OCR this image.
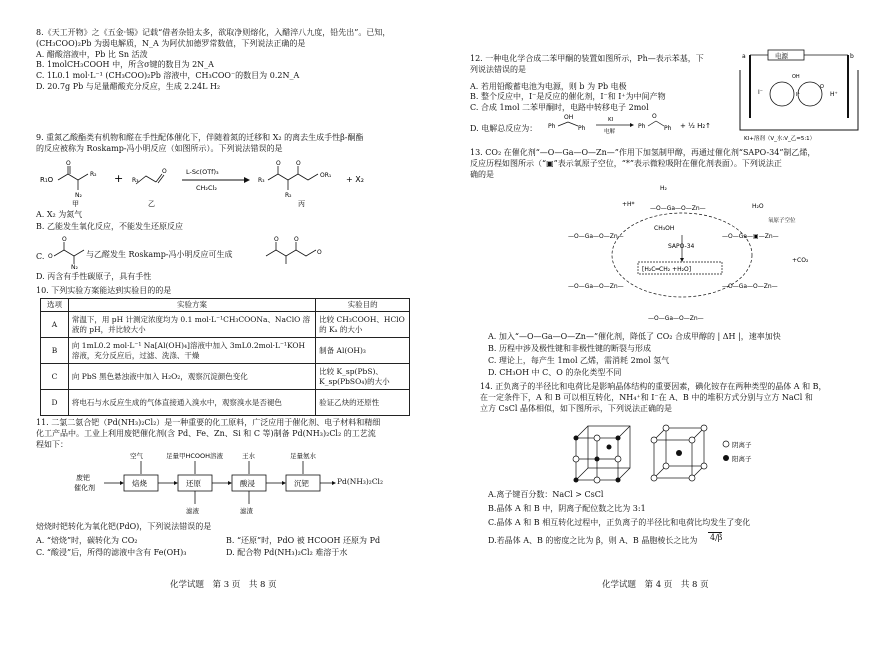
8.《天工开物》之《五金·锡》记载“借者杂铅太多，欲取净则熔化，入醋淬八九度，铅先出”。已知，(CH₃COO)₂Pb 为弱电解质，N_A 为阿伏加德罗常数值，下列说法正确的是
A. 醋酸溶液中，Pb 比 Sn 活泼
B. 1molCH₃COOH 中，所含σ键的数目为 2N_A
C. 1L0.1 mol·L⁻¹ (CH₃COO)₂Pb 溶液中，CH₃COO⁻的数目为 0.2N_A
D. 20.7g Pb 与足量醋酸充分反应，生成 2.24L H₂
9. 重氮乙酸酯类有机物和醛在手性配体催化下，伴随着氮的迁移和 X₂ 的离去生成手性β-酮酯
的反应被称为 Roskamp-冯小明反应（如图所示）。下列说法错误的是
R₁O
O
N₂
R₂
甲
+
O
R₃
乙
L-Sc(OTf)₃
CH₂Cl₂
R₃
O	O
R₂
OR₁
丙
+ X₂
A. X₂ 为氮气
B. 乙能发生氧化反应，不能发生还原反应
C. O
O
N₂
O	O
O
与乙醛发生 Roskamp-冯小明反应可生成
D. 丙含有手性碳原子，具有手性
10. 下列实验方案能达到实验目的的是
选项	实验方案	实验目的
A	常温下，用 pH 计测定浓度均为 0.1 mol·L⁻¹CH₃COONa、NaClO 溶液的 pH，并比较大小	比较 CH₃COOH、HClO 的 Kₐ 的大小
B	向 1mL0.2 mol·L⁻¹ Na[Al(OH)₄]溶液中加入 3mL0.2mol·L⁻¹KOH 溶液，充分反应后，过滤、洗涤、干燥	制备 Al(OH)₃
C	向 PbS 黑色悬浊液中加入 H₂O₂，观察沉淀颜色变化	比较 K_sp(PbS)、K_sp(PbSO₄)的大小
D	将电石与水反应生成的气体直接通入溴水中，观察溴水是否褪色	验证乙炔的还原性
11. 二氯二氨合钯（Pd(NH₃)₂Cl₂）是一种重要的化工原料，广泛应用于催化剂、电子材料和精细
化工产品中。工业上利用废钯催化剂(含 Pd、Fe、Zn、Si 和 C 等)制备 Pd(NH₃)₂Cl₂ 的工艺流
程如下：
废钯
催化剂	焙烧	还原	酸浸	沉钯
空气	足量甲HCOOH溶液	王水	足量氨水
滤液	滤渣
Pd(NH₃)₂Cl₂
焙烧时钯转化为氧化钯(PdO)，下列说法错误的是
A. “焙烧”时，碳转化为 CO₂	B. “还原”时，PdO 被 HCOOH 还原为 Pd
C. “酸浸”后，所得的滤液中含有 Fe(OH)₃	D. 配合物 Pd(NH₃)₂Cl₂ 难溶于水
化学试题　第 3 页　共 8 页
12. 一种电化学合成二苯甲酮的装置如图所示，Ph—表示苯基，下
列说法错误的是
A. 若用铅酸蓄电池为电源，则 b 为 Pb 电极
B. 整个反应中，I⁻是反应的催化剂，I⁻和 I⁺为中间产物
C. 合成 1mol 二苯甲酮时，电路中转移电子 2mol
D. 电解总反应为： Ph
OH
Ph
KI
电解
Ph
O
Ph + ½ H₂↑
电源
a	b
I⁻
OH
I⁺
O
H⁺
KI+溶剂（V_水:V_乙=5:1）
13. CO₂ 在催化剂“—O—Ga—O—Zn—”作用下加氢制甲醇，再通过催化剂“SAPO-34”制乙烯，
反应历程如图所示（“▣”表示氧原子空位，“*”表示微粒吸附在催化剂表面）。下列说法正
确的是
H₂
—O—Ga—O—Zn—
—O—Ga—O—Zn—	—O—Ga—▣—Zn—
H₂O
氧原子空位
CH₃OH
SAPO-34
[H₂C═CH₂ +H₂O]
—O—Ga—O—Zn—	—O—Ga—O—Zn—
+CO₂
—O—Ga—O—Zn—
+H*
A. 加入“—O—Ga—O—Zn—”催化剂，降低了 CO₂ 合成甲醇的 | ΔH |，速率加快
B. 历程中涉及极性键和非极性键的断裂与形成
C. 理论上，每产生 1mol 乙烯，需消耗 2mol 氢气
D. CH₃OH 中 C、O 的杂化类型不同
14. 正负离子的半径比和电荷比是影响晶体结构的重要因素，碘化铵存在两种类型的晶体 A 和 B，
在一定条件下，A 和 B 可以相互转化，NH₄⁺和 I⁻在 A、B 中的堆积方式分别与立方 NaCl 和
立方 CsCl 晶体相似，如下图所示，下列说法正确的是
阴离子
阳离子
A.离子键百分数：NaCl > CsCl
B.晶体 A 和 B 中，阴离子配位数之比为 3:1
C.晶体 A 和 B 相互转化过程中，正负离子的半径比和电荷比均发生了变化
D.若晶体 A、B 的密度之比为 β，则 A、B 晶胞棱长之比为 4/β
化学试题　第 4 页　共 8 页
